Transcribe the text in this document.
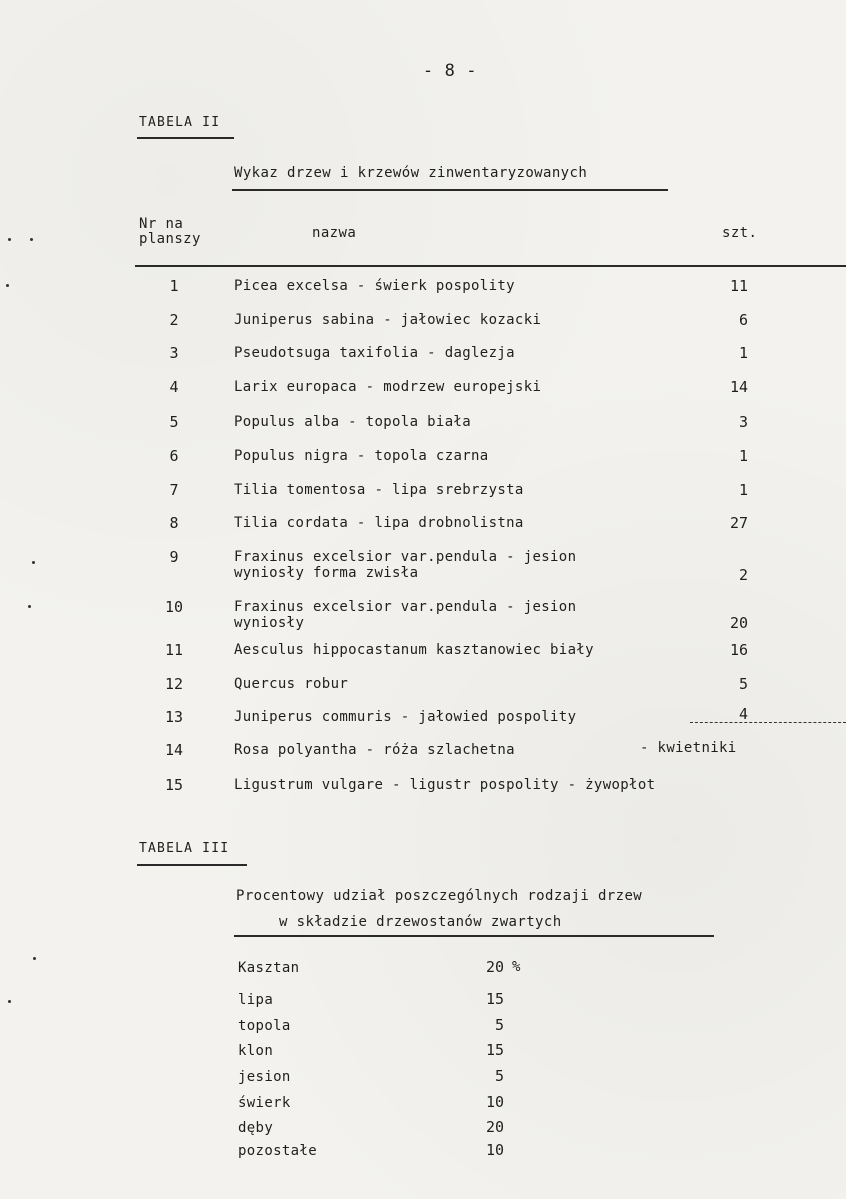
- 8 -
TABELA II
Wykaz drzew i krzewów zinwentaryzowanych
Nr na
planszy	nazwa	szt.
1	Picea excelsa - świerk pospolity	11
2	Juniperus sabina - jałowiec kozacki	6
3	Pseudotsuga taxifolia - daglezja	1
4	Larix europaca - modrzew europejski	14
5	Populus alba - topola biała	3
6	Populus nigra - topola czarna	1
7	Tilia tomentosa - lipa srebrzysta	1
8	Tilia cordata - lipa drobnolistna	27
9	Fraxinus excelsior var.pendula - jesion
wyniosły forma zwisła	2
10	Fraxinus excelsior var.pendula - jesion
wyniosły	20
11	Aesculus hippocastanum kasztanowiec biały	16
12	Quercus robur	5
13	Juniperus commuris - jałowied pospolity	4
14	Rosa polyantha - róża szlachetna	- kwietniki
15	Ligustrum vulgare - ligustr pospolity - żywopłot
TABELA III
Procentowy udział poszczególnych rodzaji drzew
w składzie drzewostanów zwartych
Kasztan	20 %
lipa	15
topola	5
klon	15
jesion	5
świerk	10
dęby	20
pozostałe	10
